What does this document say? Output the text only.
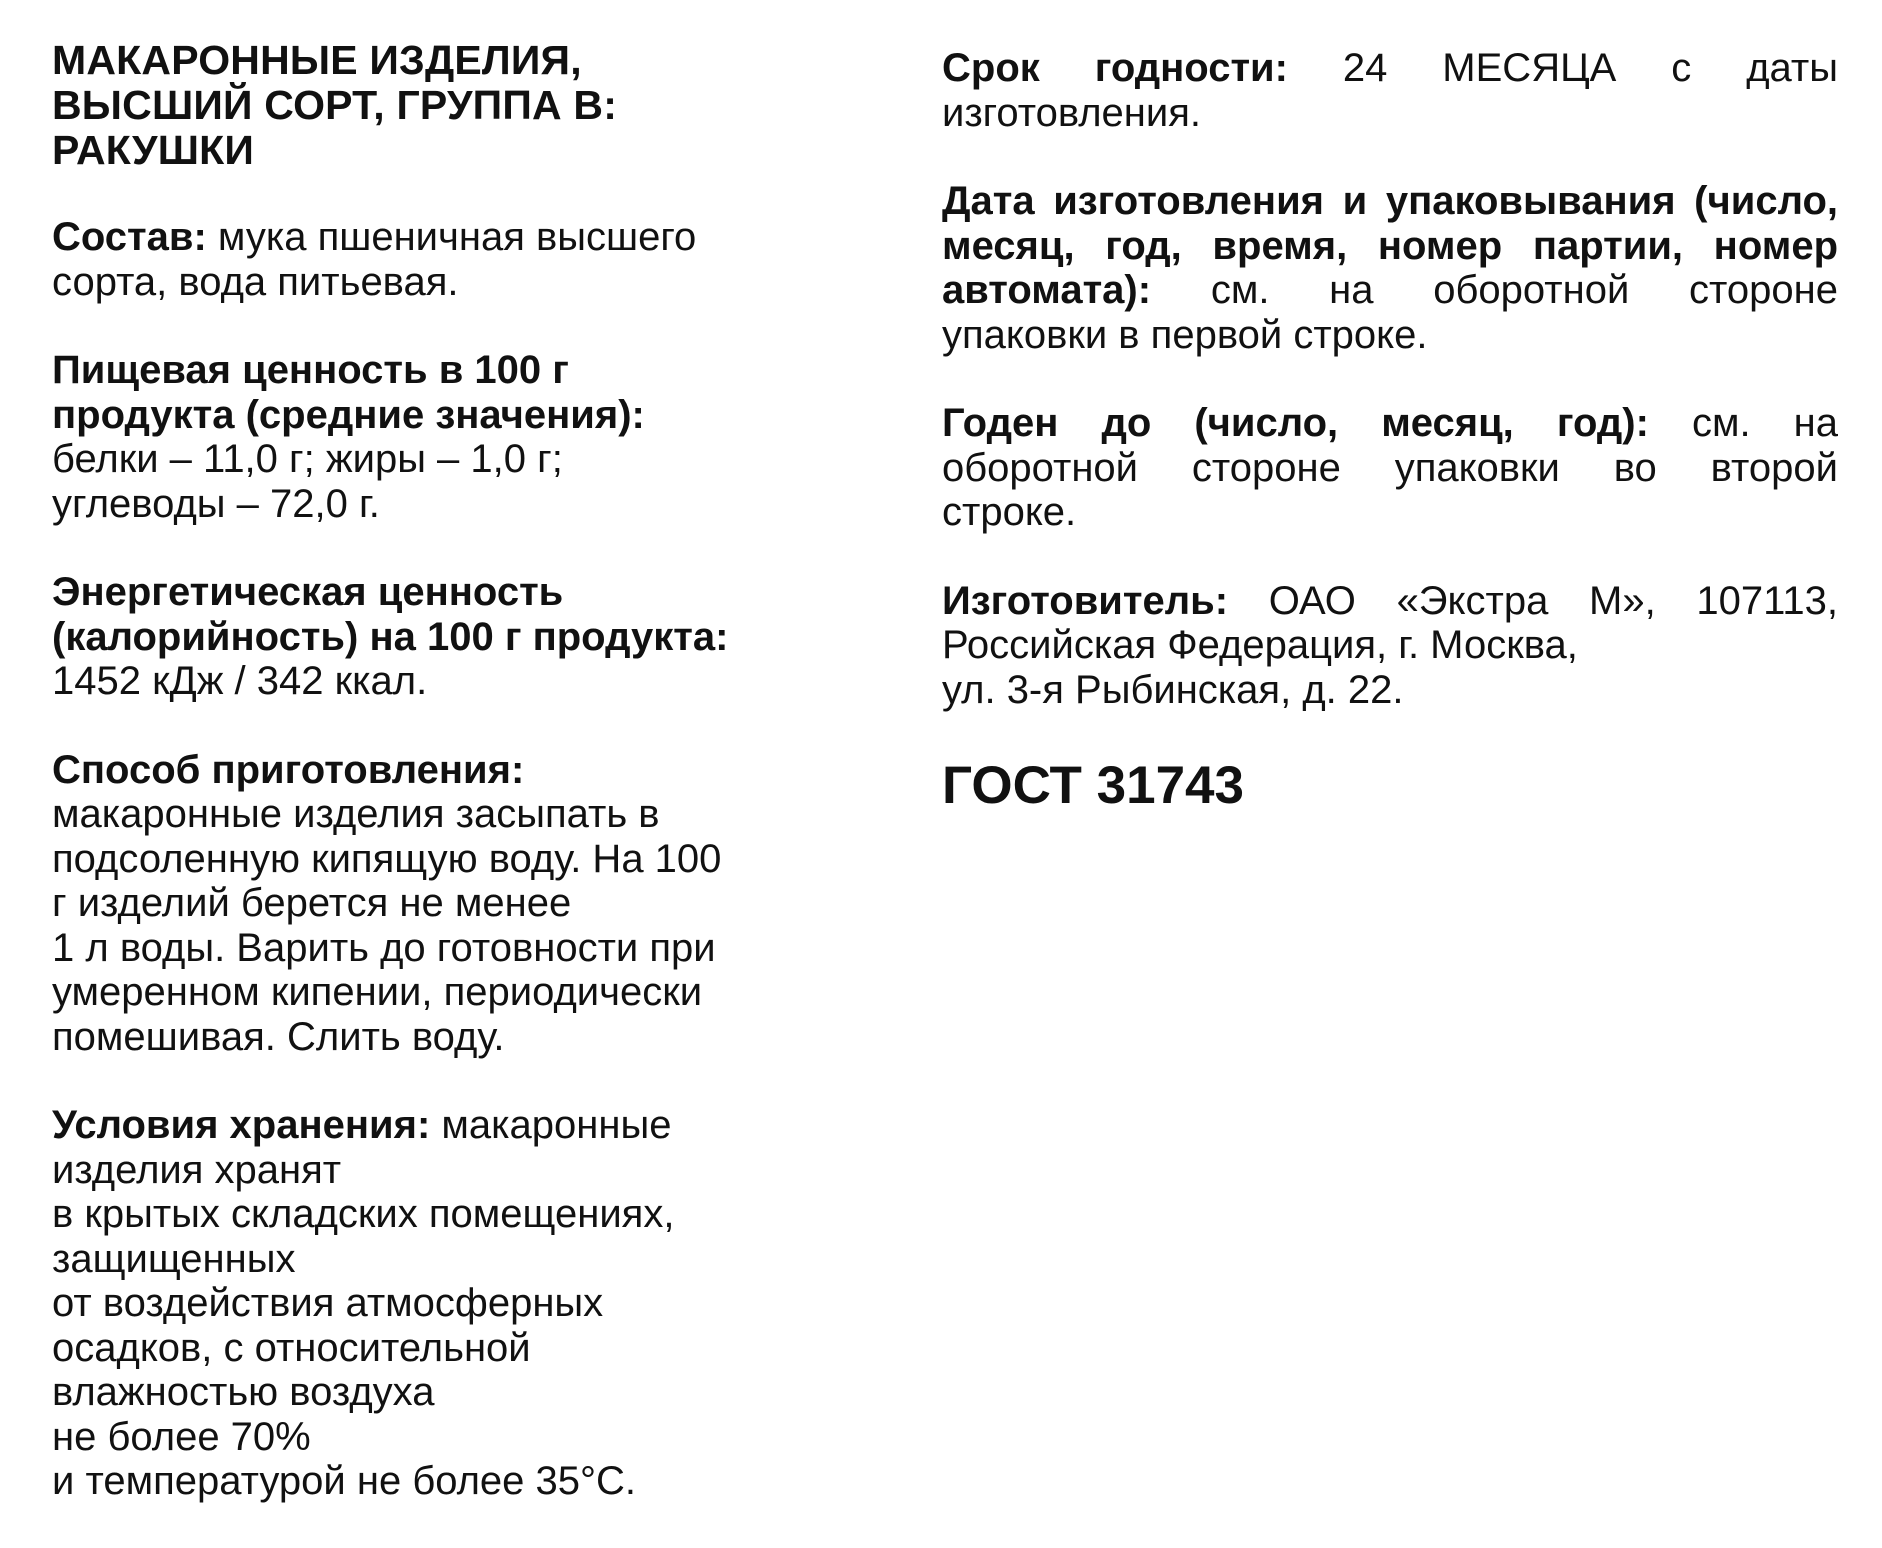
МАКАРОННЫЕ ИЗДЕЛИЯ,
ВЫСШИЙ СОРТ, ГРУППА В:
РАКУШКИ
Состав: мука пшеничная высшего
сорта, вода питьевая.
Пищевая ценность в 100 г
продукта (средние значения):
белки – 11,0 г; жиры – 1,0 г;
углеводы – 72,0 г.
Энергетическая ценность
(калорийность) на 100 г продукта:
1452 кДж / 342 ккал.
Способ приготовления:
макаронные изделия засыпать в
подсоленную кипящую воду. На 100
г изделий берется не менее
1 л воды. Варить до готовности при
умеренном кипении, периодически
помешивая. Слить воду.
Условия хранения: макаронные
изделия хранят
в крытых складских помещениях,
защищенных
от воздействия атмосферных
осадков, с относительной
влажностью воздуха
не более 70%
и температурой не более 35°С.
Срок годности: 24 МЕСЯЦА с даты
изготовления.
Дата изготовления и упаковывания (число,
месяц, год, время, номер партии, номер
автомата): см. на оборотной стороне
упаковки в первой строке.
Годен до (число, месяц, год): см. на
оборотной стороне упаковки во второй
строке.
Изготовитель: ОАО «Экстра М», 107113,
Российская Федерация, г. Москва,
ул. 3-я Рыбинская, д. 22.
ГОСТ 31743
